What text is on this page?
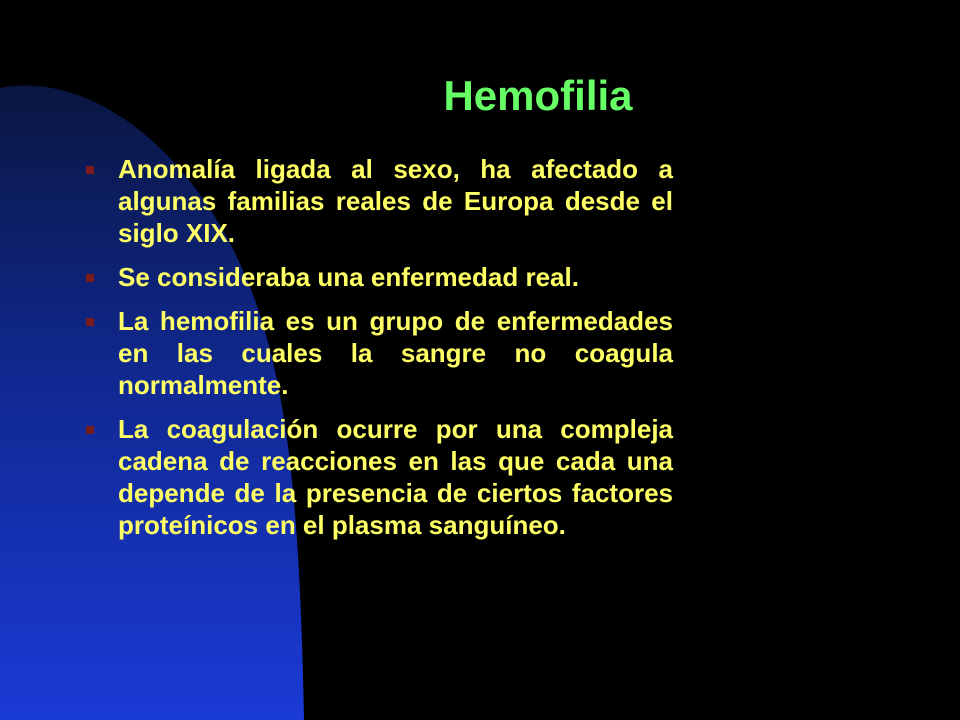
Hemofilia
Anomalía ligada al sexo, ha afectado a algunas familias reales de Europa desde el siglo XIX.
Se consideraba una enfermedad real.
La hemofilia es un grupo de enfermedades en las cuales la sangre no coagula normalmente.
La coagulación ocurre por una compleja cadena de reacciones en las que cada una depende de la presencia de ciertos factores proteínicos en el plasma sanguíneo.
